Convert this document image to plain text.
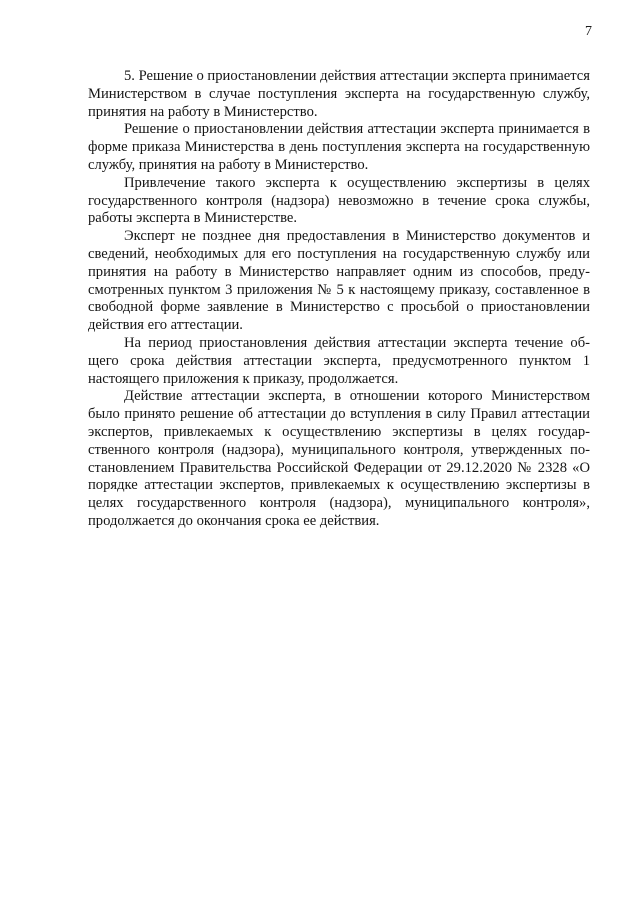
7

5. Решение о приостановлении действия аттестации эксперта принимается Министерством в случае поступления эксперта на государственную службу, принятия на работу в Министерство.

Решение о приостановлении действия аттестации эксперта принимается в форме приказа Министерства в день поступления эксперта на государственную службу, принятия на работу в Министерство.

Привлечение такого эксперта к осуществлению экспертизы в целях государственного контроля (надзора) невозможно в течение срока службы, работы эксперта в Министерстве.

Эксперт не позднее дня предоставления в Министерство документов и сведений, необходимых для его поступления на государственную службу или принятия на работу в Министерство направляет одним из способов, предусмотренных пунктом 3 приложения № 5 к настоящему приказу, составленное в свободной форме заявление в Министерство с просьбой о приостановлении действия его аттестации.

На период приостановления действия аттестации эксперта течение общего срока действия аттестации эксперта, предусмотренного пунктом 1 настоящего приложения к приказу, продолжается.

Действие аттестации эксперта, в отношении которого Министерством было принято решение об аттестации до вступления в силу Правил аттестации экспертов, привлекаемых к осуществлению экспертизы в целях государственного контроля (надзора), муниципального контроля, утвержденных постановлением Правительства Российской Федерации от 29.12.2020 № 2328 «О порядке аттестации экспертов, привлекаемых к осуществлению экспертизы в целях государственного контроля (надзора), муниципального контроля», продолжается до окончания срока ее действия.
